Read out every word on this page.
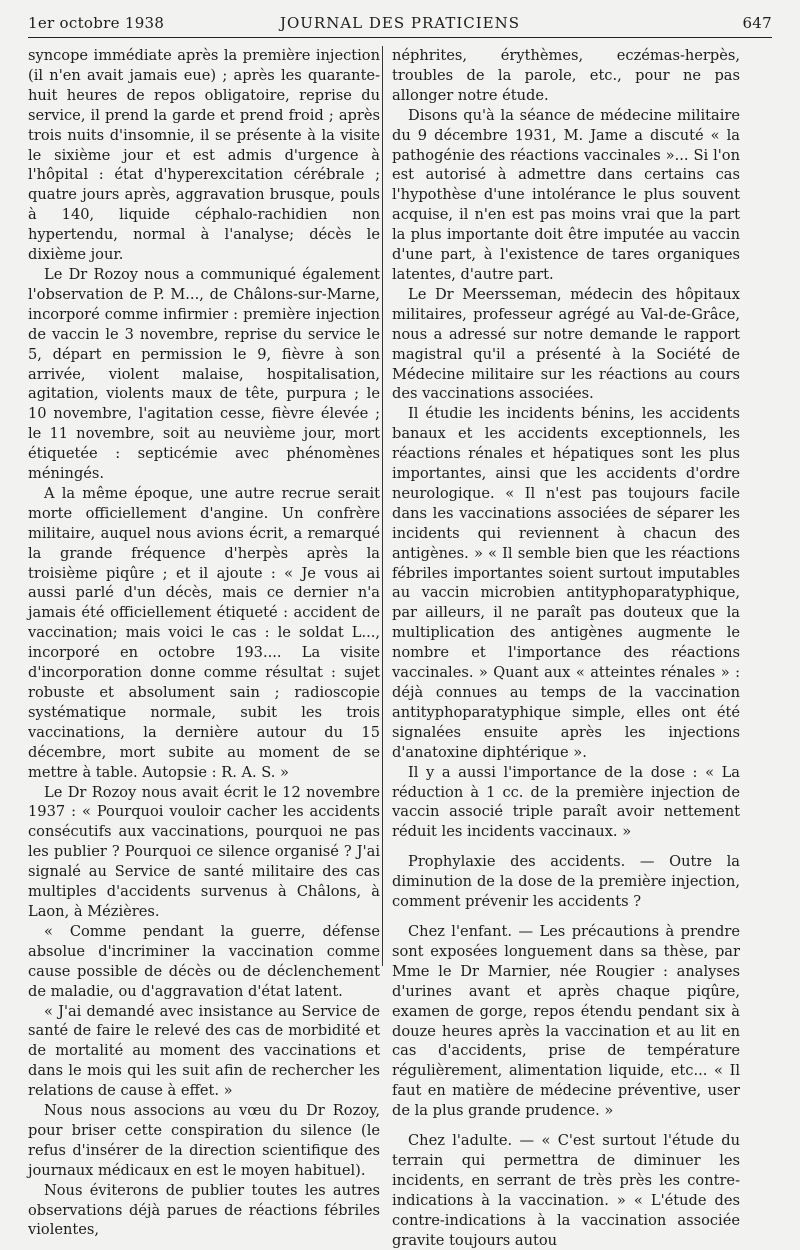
1er octobre 1938	JOURNAL DES PRATICIENS	647

syncope immédiate après la première injection (il n'en avait jamais eue) ; après les quarante-huit heures de repos obligatoire, reprise du service, il prend la garde et prend froid ; après trois nuits d'insomnie, il se présente à la visite le sixième jour et est admis d'urgence à l'hôpital : état d'hyperexcitation cérébrale ; quatre jours après, aggravation brusque, pouls à 140, liquide céphalo-rachidien non hypertendu, normal à l'analyse; décès le dixième jour.

Le Dr Rozoy nous a communiqué également l'observation de P. M..., de Châlons-sur-Marne, incorporé comme infirmier : première injection de vaccin le 3 novembre, reprise du service le 5, départ en permission le 9, fièvre à son arrivée, violent malaise, hospitalisation, agitation, violents maux de tête, purpura ; le 10 novembre, l'agitation cesse, fièvre élevée ; le 11 novembre, soit au neuvième jour, mort étiquetée : septicémie avec phénomènes méningés.

A la même époque, une autre recrue serait morte officiellement d'angine. Un confrère militaire, auquel nous avions écrit, a remarqué la grande fréquence d'herpès après la troisième piqûre ; et il ajoute : « Je vous ai aussi parlé d'un décès, mais ce dernier n'a jamais été officiellement étiqueté : accident de vaccination; mais voici le cas : le soldat L..., incorporé en octobre 193.... La visite d'incorporation donne comme résultat : sujet robuste et absolument sain ; radioscopie systématique normale, subit les trois vaccinations, la dernière autour du 15 décembre, mort subite au moment de se mettre à table. Autopsie : R. A. S. »

Le Dr Rozoy nous avait écrit le 12 novembre 1937 : « Pourquoi vouloir cacher les accidents consécutifs aux vaccinations, pourquoi ne pas les publier ? Pourquoi ce silence organisé ? J'ai signalé au Service de santé militaire des cas multiples d'accidents survenus à Châlons, à Laon, à Mézières.

« Comme pendant la guerre, défense absolue d'incriminer la vaccination comme cause possible de décès ou de déclenchement de maladie, ou d'aggravation d'état latent.

« J'ai demandé avec insistance au Service de santé de faire le relevé des cas de morbidité et de mortalité au moment des vaccinations et dans le mois qui les suit afin de rechercher les relations de cause à effet. »

Nous nous associons au vœu du Dr Rozoy, pour briser cette conspiration du silence (le refus d'insérer de la direction scientifique des journaux médicaux en est le moyen habituel).

Nous éviterons de publier toutes les autres observations déjà parues de réactions fébriles violentes,

néphrites, érythèmes, eczémas-herpès, troubles de la parole, etc., pour ne pas allonger notre étude.

Disons qu'à la séance de médecine militaire du 9 décembre 1931, M. Jame a discuté « la pathogénie des réactions vaccinales »... Si l'on est autorisé à admettre dans certains cas l'hypothèse d'une intolérance le plus souvent acquise, il n'en est pas moins vrai que la part la plus importante doit être imputée au vaccin d'une part, à l'existence de tares organiques latentes, d'autre part.

Le Dr Meersseman, médecin des hôpitaux militaires, professeur agrégé au Val-de-Grâce, nous a adressé sur notre demande le rapport magistral qu'il a présenté à la Société de Médecine militaire sur les réactions au cours des vaccinations associées.

Il étudie les incidents bénins, les accidents banaux et les accidents exceptionnels, les réactions rénales et hépatiques sont les plus importantes, ainsi que les accidents d'ordre neurologique. « Il n'est pas toujours facile dans les vaccinations associées de séparer les incidents qui reviennent à chacun des antigènes. » « Il semble bien que les réactions fébriles importantes soient surtout imputables au vaccin microbien antityphoparatyphique, par ailleurs, il ne paraît pas douteux que la multiplication des antigènes augmente le nombre et l'importance des réactions vaccinales. » Quant aux « atteintes rénales » : déjà connues au temps de la vaccination antityphoparatyphique simple, elles ont été signalées ensuite après les injections d'anatoxine diphtérique ».

Il y a aussi l'importance de la dose : « La réduction à 1 cc. de la première injection de vaccin associé triple paraît avoir nettement réduit les incidents vaccinaux. »

Prophylaxie des accidents. — Outre la diminution de la dose de la première injection, comment prévenir les accidents ?

Chez l'enfant. — Les précautions à prendre sont exposées longuement dans sa thèse, par Mme le Dr Marnier, née Rougier : analyses d'urines avant et après chaque piqûre, examen de gorge, repos étendu pendant six à douze heures après la vaccination et au lit en cas d'accidents, prise de température régulièrement, alimentation liquide, etc... « Il faut en matière de médecine préventive, user de la plus grande prudence. »

Chez l'adulte. — « C'est surtout l'étude du terrain qui permettra de diminuer les incidents, en serrant de très près les contre-indications à la vaccination. » « L'étude des contre-indications à la vaccination associée gravite toujours autou
